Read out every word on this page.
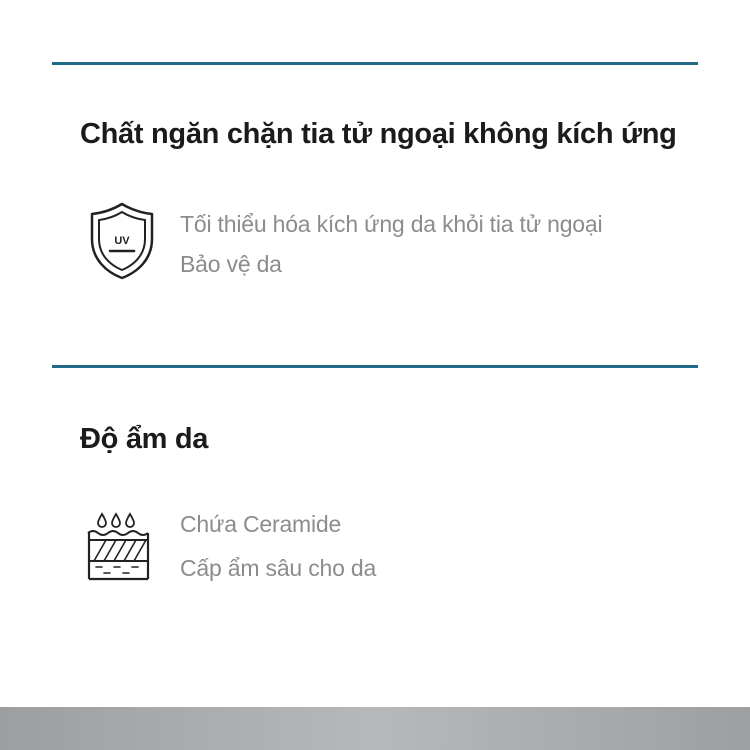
Chất ngăn chặn tia tử ngoại không kích ứng
UV
Tối thiểu hóa kích ứng da khỏi tia tử ngoại
Bảo vệ da
Độ ẩm da
Chứa Ceramide
Cấp ẩm sâu cho da
